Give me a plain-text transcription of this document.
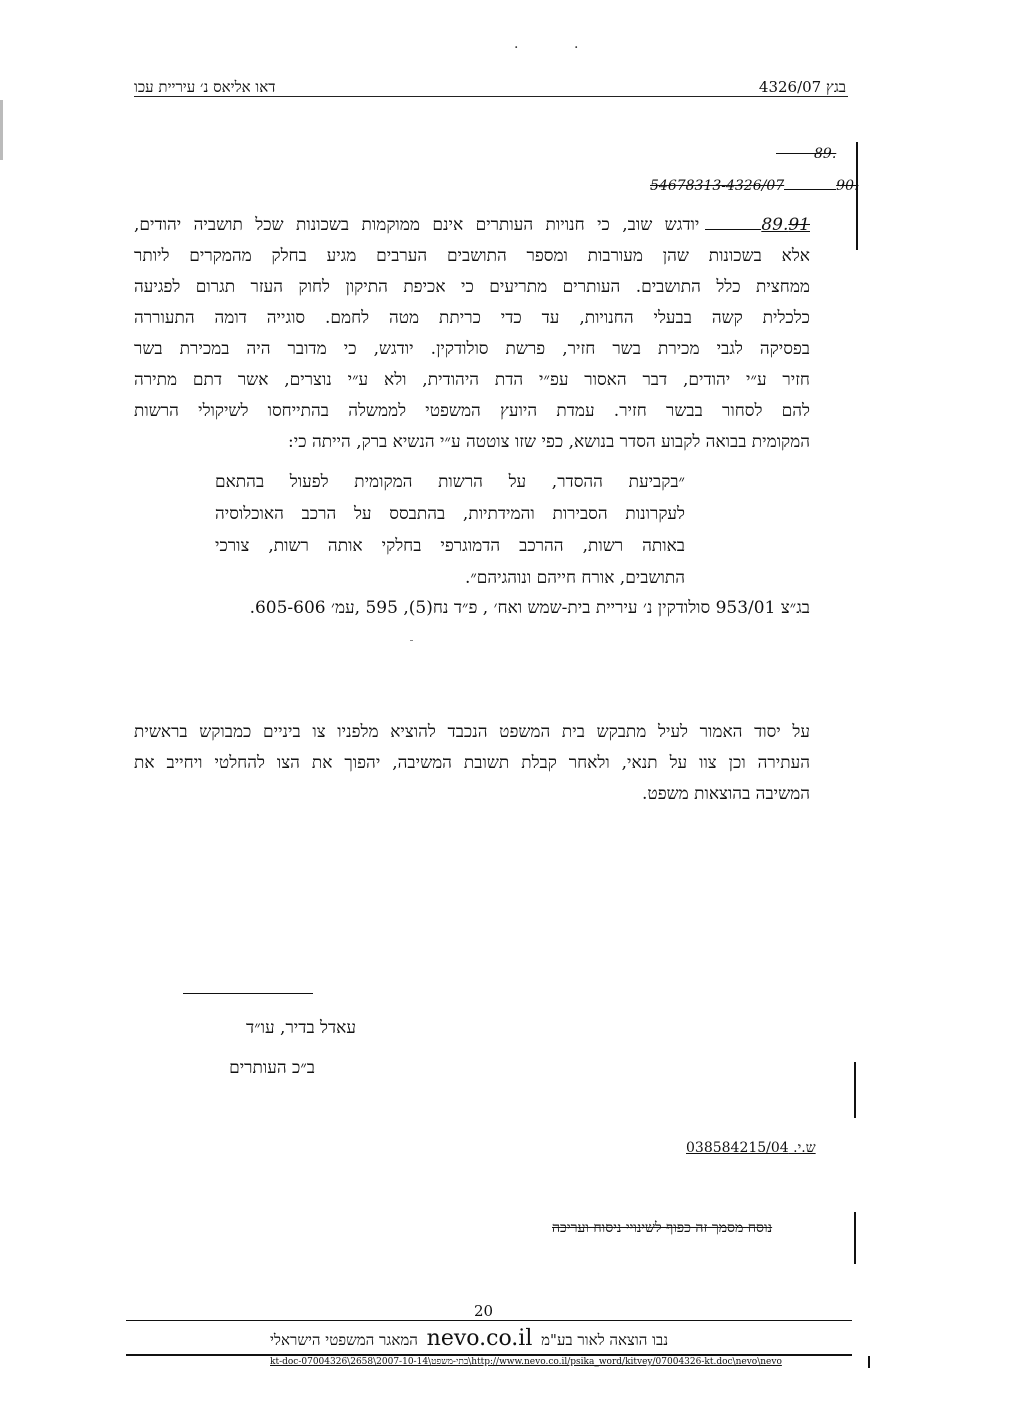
·	·
דאו אליאס נ׳ עיריית עכו	בגץ 4326/07
89.
54678313-4326/07	90.
89.91יודגש שוב, כי חנויות העותרים אינם ממוקמות בשכונות שכל תושביה יהודים,
אלא בשכונות שהן מעורבות ומספר התושבים הערבים מגיע בחלק מהמקרים ליותר
ממחצית כלל התושבים. העותרים מתריעים כי אכיפת התיקון לחוק העזר תגרום לפגיעה
כלכלית קשה בבעלי החנויות, עד כדי כריתת מטה לחמם. סוגייה דומה התעוררה
בפסיקה לגבי מכירת בשר חזיר, פרשת סולודקין. יודגש, כי מדובר היה במכירת בשר
חזיר ע״י יהודים, דבר האסור עפ״י הדת היהודית, ולא ע״י נוצרים, אשר דתם מתירה
להם לסחור בבשר חזיר. עמדת היועץ המשפטי לממשלה בהתייחסו לשיקולי הרשות
המקומית בבואה לקבוע הסדר בנושא, כפי שזו צוטטה ע״י הנשיא ברק, הייתה כי:
״בקביעת ההסדר, על הרשות המקומית לפעול בהתאם
לעקרונות הסבירות והמידתיות, בהתבסס על הרכב האוכלוסיה
באותה רשות, ההרכב הדמוגרפי בחלקי אותה רשות, צורכי
התושבים, אורח חייהם ונוהגיהם״.
בג״צ 953/01 סולודקין נ׳ עיריית בית-שמש ואח׳ , פ״ד נח(5), 595 ,עמ׳ 605-606.
על יסוד האמור לעיל מתבקש בית המשפט הנכבד להוציא מלפניו צו ביניים כמבוקש בראשית
העתירה וכן צוו על תנאי, ולאחר קבלת תשובת המשיבה, יהפוך את הצו להחלטי ויחייב את
המשיבה בהוצאות משפט.
עאדל בדיר, עו״ד
ב״כ העותרים
ש.י. 038584215/04
נוסח מסמך זה כפוף לשינויי ניסוח ועריכה
20
נבו הוצאה לאור בע"מ nevo.co.il המאגר המשפטי הישראלי
kt-doc-07004326\2658\2007-10-14\בתי-משפט\http://www.nevo.co.il/psika_word/kitvey/07004326-kt.doc\nevo\nevo
